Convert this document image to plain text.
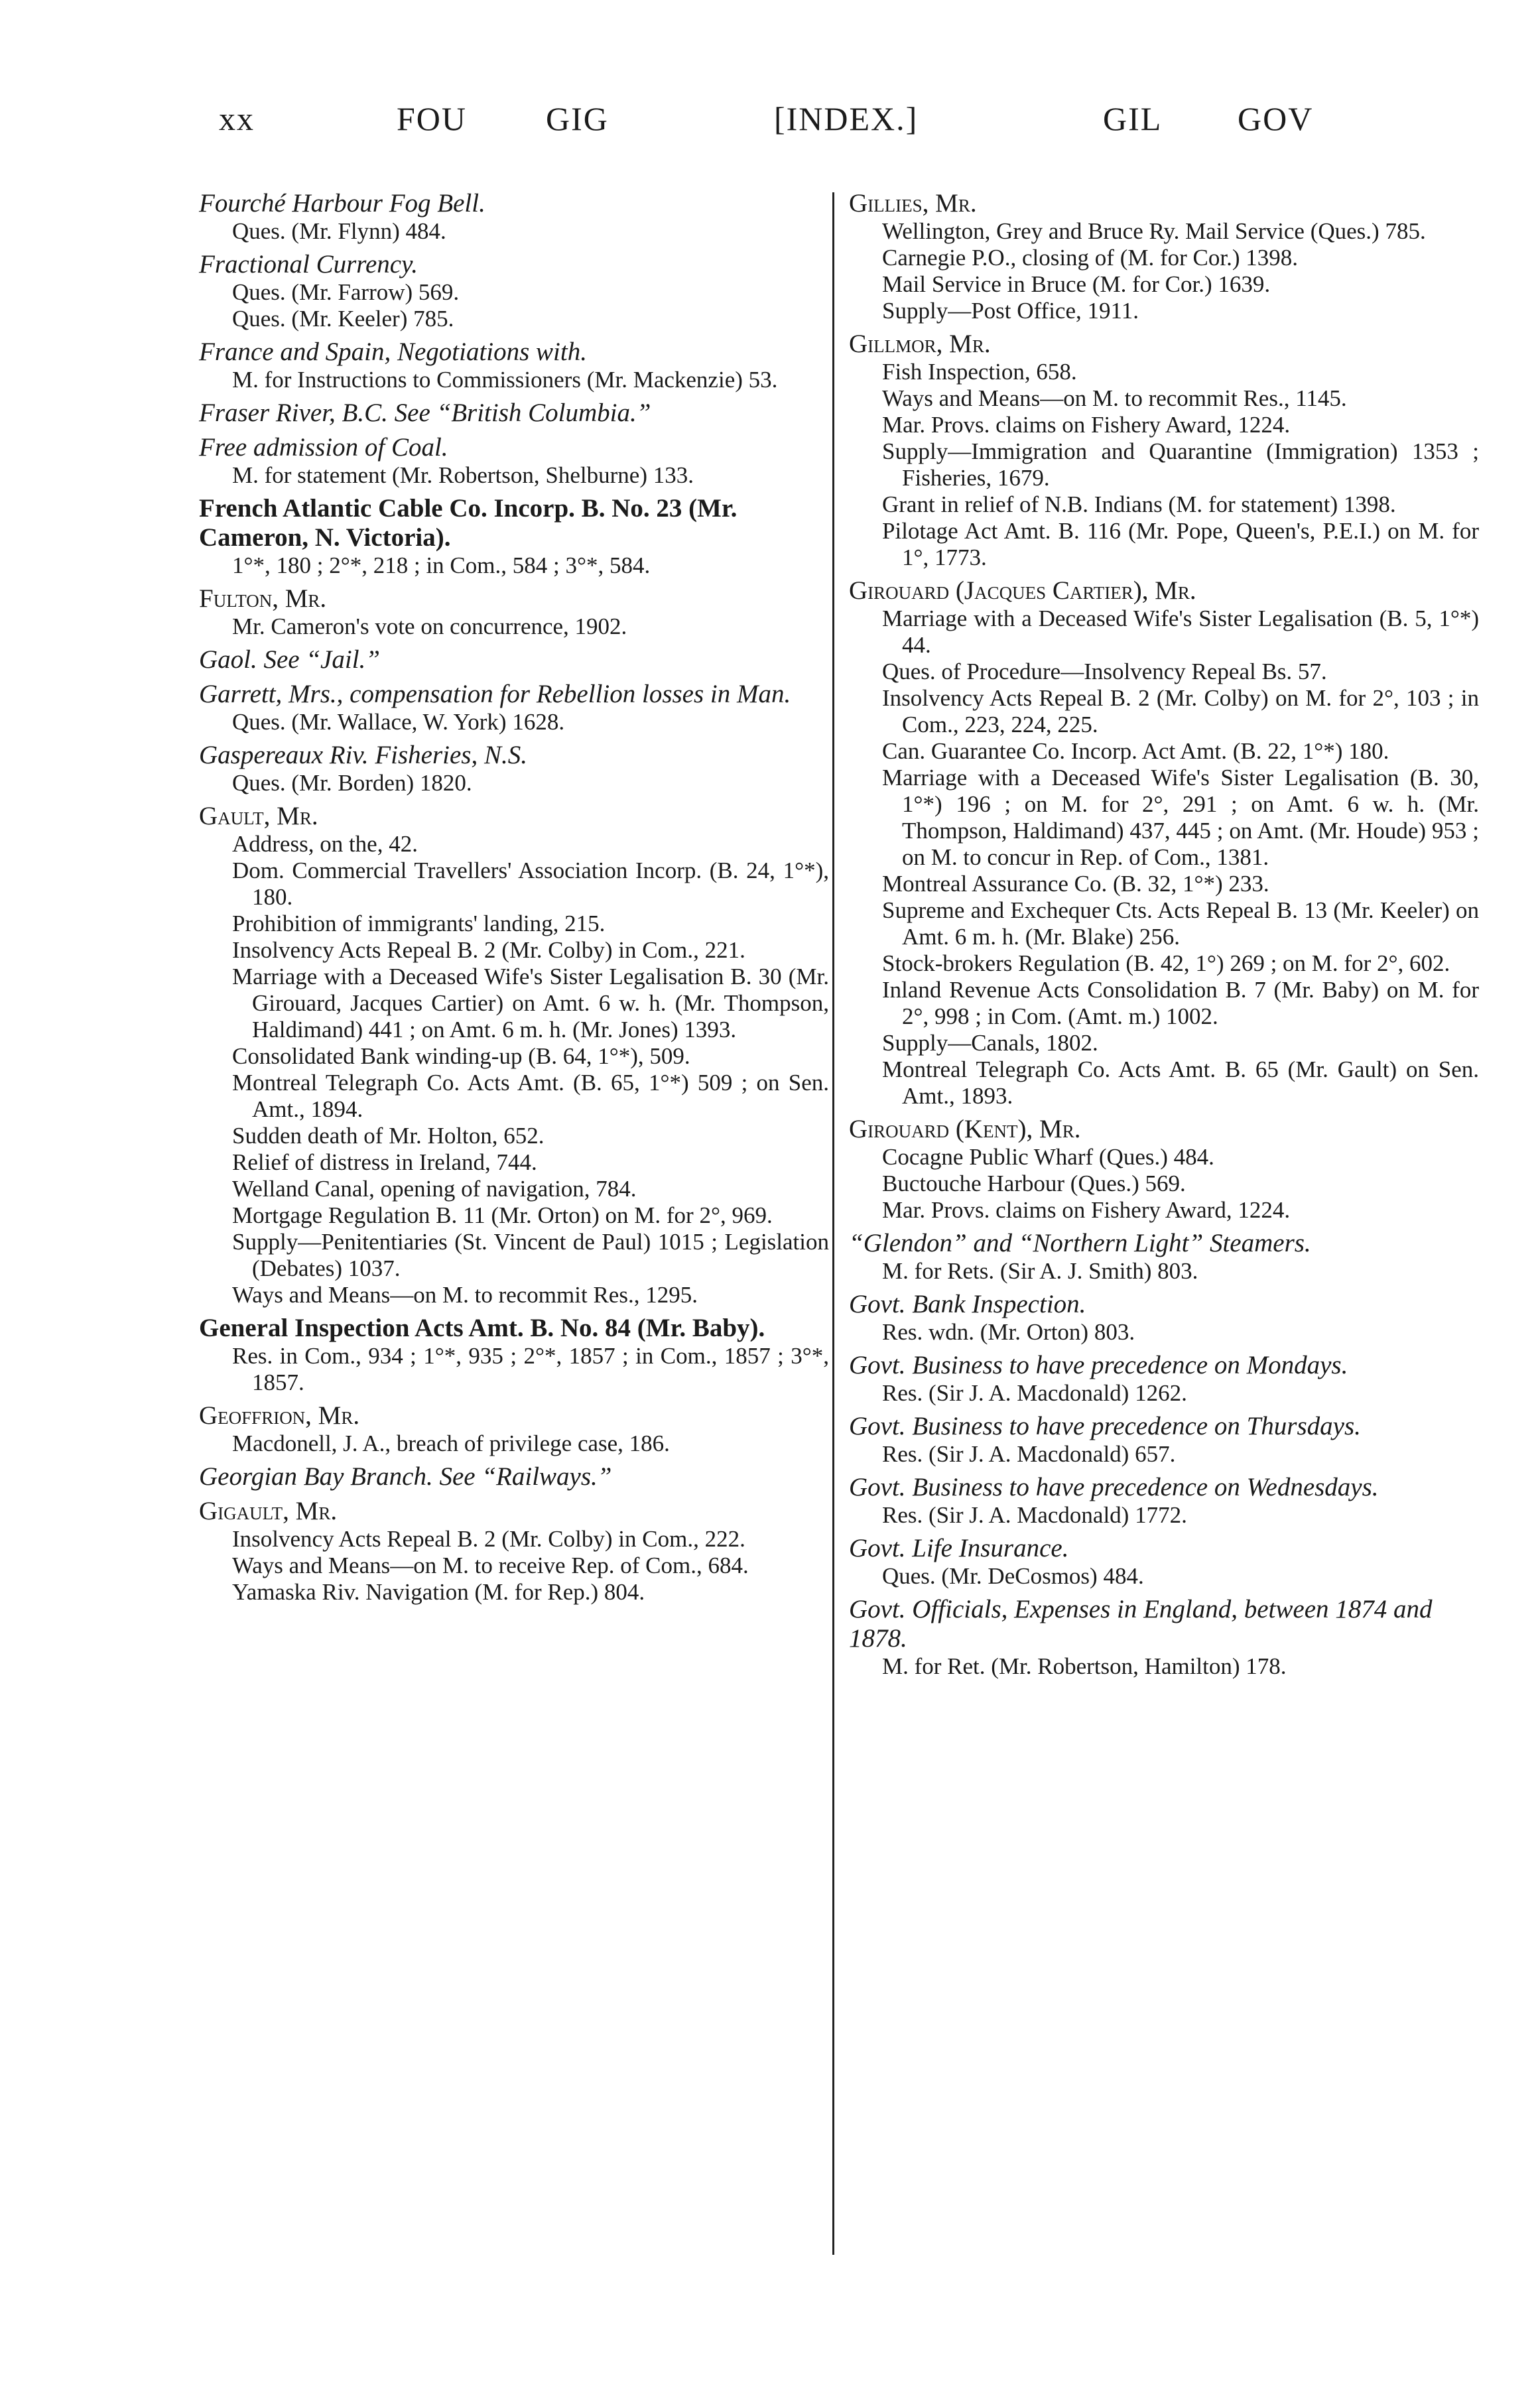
xx	FOU GIG	[INDEX.]	GIL GOV
Fourché Harbour Fog Bell.
Ques. (Mr. Flynn) 484.
Fractional Currency.
Ques. (Mr. Farrow) 569.
Ques. (Mr. Keeler) 785.
France and Spain, Negotiations with.
M. for Instructions to Commissioners (Mr. Mackenzie) 53.
Fraser River, B.C. See “British Columbia.”
Free admission of Coal.
M. for statement (Mr. Robertson, Shelburne) 133.
French Atlantic Cable Co. Incorp. B. No. 23 (Mr. Cameron, N. Victoria).
1°*, 180 ; 2°*, 218 ; in Com., 584 ; 3°*, 584.
Fulton, Mr.
Mr. Cameron's vote on concurrence, 1902.
Gaol. See “Jail.”
Garrett, Mrs., compensation for Rebellion losses in Man.
Ques. (Mr. Wallace, W. York) 1628.
Gaspereaux Riv. Fisheries, N.S.
Ques. (Mr. Borden) 1820.
Gault, Mr.
Address, on the, 42.
Dom. Commercial Travellers' Association Incorp. (B. 24, 1°*), 180.
Prohibition of immigrants' landing, 215.
Insolvency Acts Repeal B. 2 (Mr. Colby) in Com., 221.
Marriage with a Deceased Wife's Sister Legalisation B. 30 (Mr. Girouard, Jacques Cartier) on Amt. 6 w. h. (Mr. Thompson, Haldimand) 441 ; on Amt. 6 m. h. (Mr. Jones) 1393.
Consolidated Bank winding-up (B. 64, 1°*), 509.
Montreal Telegraph Co. Acts Amt. (B. 65, 1°*) 509 ; on Sen. Amt., 1894.
Sudden death of Mr. Holton, 652.
Relief of distress in Ireland, 744.
Welland Canal, opening of navigation, 784.
Mortgage Regulation B. 11 (Mr. Orton) on M. for 2°, 969.
Supply—Penitentiaries (St. Vincent de Paul) 1015 ; Legislation (Debates) 1037.
Ways and Means—on M. to recommit Res., 1295.
General Inspection Acts Amt. B. No. 84 (Mr. Baby).
Res. in Com., 934 ; 1°*, 935 ; 2°*, 1857 ; in Com., 1857 ; 3°*, 1857.
Geoffrion, Mr.
Macdonell, J. A., breach of privilege case, 186.
Georgian Bay Branch. See “Railways.”
Gigault, Mr.
Insolvency Acts Repeal B. 2 (Mr. Colby) in Com., 222.
Ways and Means—on M. to receive Rep. of Com., 684.
Yamaska Riv. Navigation (M. for Rep.) 804.
Gillies, Mr.
Wellington, Grey and Bruce Ry. Mail Service (Ques.) 785.
Carnegie P.O., closing of (M. for Cor.) 1398.
Mail Service in Bruce (M. for Cor.) 1639.
Supply—Post Office, 1911.
Gillmor, Mr.
Fish Inspection, 658.
Ways and Means—on M. to recommit Res., 1145.
Mar. Provs. claims on Fishery Award, 1224.
Supply—Immigration and Quarantine (Immigration) 1353 ; Fisheries, 1679.
Grant in relief of N.B. Indians (M. for statement) 1398.
Pilotage Act Amt. B. 116 (Mr. Pope, Queen's, P.E.I.) on M. for 1°, 1773.
Girouard (Jacques Cartier), Mr.
Marriage with a Deceased Wife's Sister Legalisation (B. 5, 1°*) 44.
Ques. of Procedure—Insolvency Repeal Bs. 57.
Insolvency Acts Repeal B. 2 (Mr. Colby) on M. for 2°, 103 ; in Com., 223, 224, 225.
Can. Guarantee Co. Incorp. Act Amt. (B. 22, 1°*) 180.
Marriage with a Deceased Wife's Sister Legalisation (B. 30, 1°*) 196 ; on M. for 2°, 291 ; on Amt. 6 w. h. (Mr. Thompson, Haldimand) 437, 445 ; on Amt. (Mr. Houde) 953 ; on M. to concur in Rep. of Com., 1381.
Montreal Assurance Co. (B. 32, 1°*) 233.
Supreme and Exchequer Cts. Acts Repeal B. 13 (Mr. Keeler) on Amt. 6 m. h. (Mr. Blake) 256.
Stock-brokers Regulation (B. 42, 1°) 269 ; on M. for 2°, 602.
Inland Revenue Acts Consolidation B. 7 (Mr. Baby) on M. for 2°, 998 ; in Com. (Amt. m.) 1002.
Supply—Canals, 1802.
Montreal Telegraph Co. Acts Amt. B. 65 (Mr. Gault) on Sen. Amt., 1893.
Girouard (Kent), Mr.
Cocagne Public Wharf (Ques.) 484.
Buctouche Harbour (Ques.) 569.
Mar. Provs. claims on Fishery Award, 1224.
“Glendon” and “Northern Light” Steamers.
M. for Rets. (Sir A. J. Smith) 803.
Govt. Bank Inspection.
Res. wdn. (Mr. Orton) 803.
Govt. Business to have precedence on Mondays.
Res. (Sir J. A. Macdonald) 1262.
Govt. Business to have precedence on Thursdays.
Res. (Sir J. A. Macdonald) 657.
Govt. Business to have precedence on Wednesdays.
Res. (Sir J. A. Macdonald) 1772.
Govt. Life Insurance.
Ques. (Mr. DeCosmos) 484.
Govt. Officials, Expenses in England, between 1874 and 1878.
M. for Ret. (Mr. Robertson, Hamilton) 178.
